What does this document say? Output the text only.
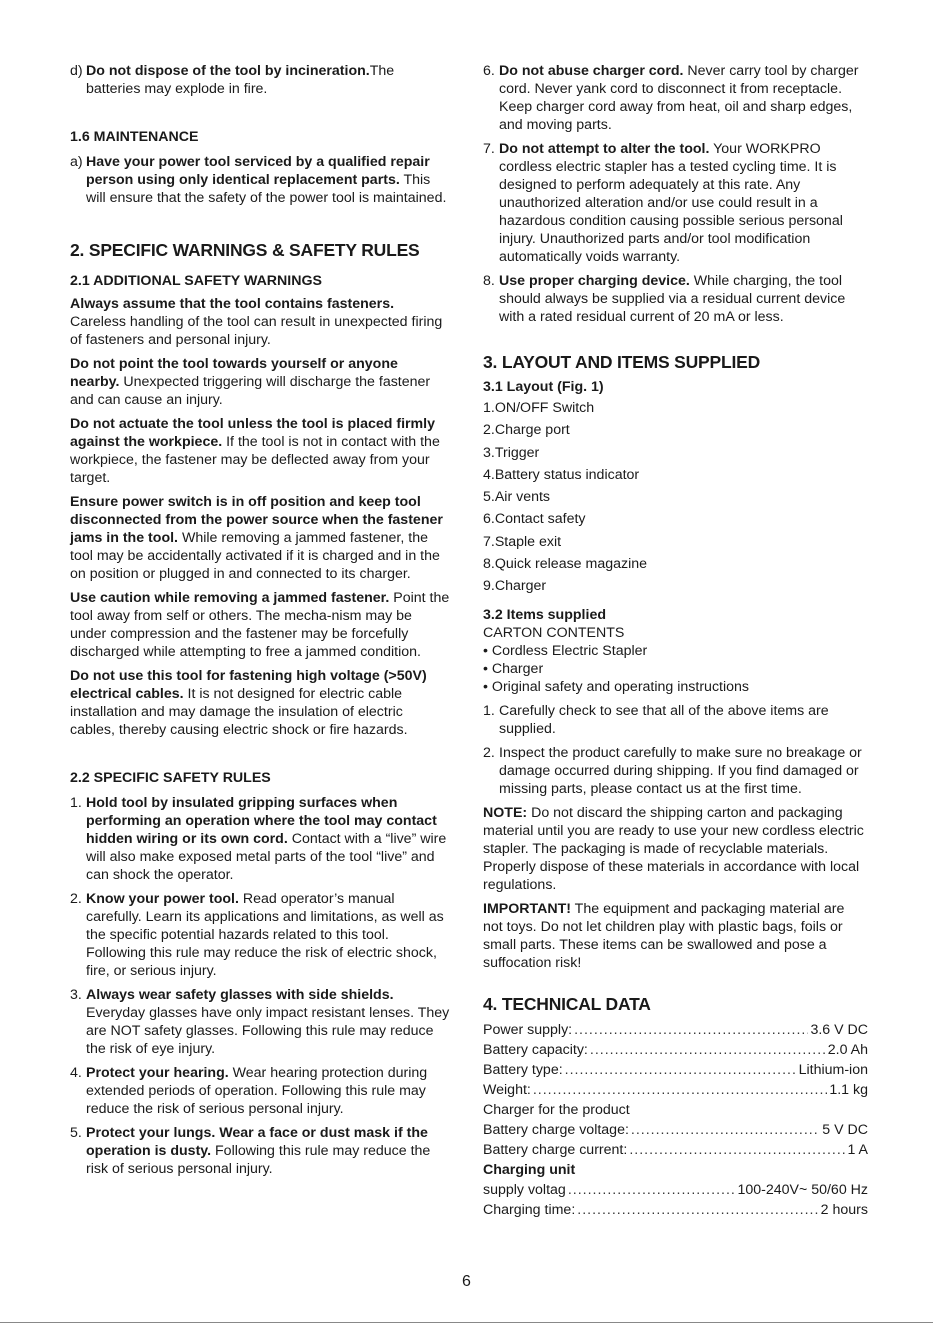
d) Do not dispose of the tool by incineration.The batteries may explode in fire.

1.6 MAINTENANCE
a) Have your power tool serviced by a qualified repair person using only identical replacement parts. This will ensure that the safety of the power tool is maintained.

2. SPECIFIC WARNINGS & SAFETY RULES
2.1 ADDITIONAL SAFETY WARNINGS

Always assume that the tool contains fasteners. Careless handling of the tool can result in unexpected firing of fasteners and personal injury.

Do not point the tool towards yourself or anyone nearby. Unexpected triggering will discharge the fastener and can cause an injury.

Do not actuate the tool unless the tool is placed firmly against the workpiece. If the tool is not in contact with the workpiece, the fastener may be deflected away from your target.

Ensure power switch is in off position and keep tool disconnected from the power source when the fastener jams in the tool. While removing a jammed fastener, the tool may be accidentally activated if it is charged and in the on position or plugged in and connected to its charger.

Use caution while removing a jammed fastener. Point the tool away from self or others. The mecha-nism may be under compression and the fastener may be forcefully discharged while attempting to free a jammed condition.

Do not use this tool for fastening high voltage (>50V) electrical cables. It is not designed for electric cable installation and may damage the insulation of electric cables, thereby causing electric shock or fire hazards.

2.2 SPECIFIC SAFETY RULES
1. Hold tool by insulated gripping surfaces when performing an operation where the tool may contact hidden wiring or its own cord. Contact with a “live” wire will also make exposed metal parts of the tool “live” and can shock the operator.

2. Know your power tool. Read operator’s manual carefully. Learn its applications and limitations, as well as the specific potential hazards related to this tool. Following this rule may reduce the risk of electric shock, fire, or serious injury.

3. Always wear safety glasses with side shields. Everyday glasses have only impact resistant lenses. They are NOT safety glasses. Following this rule may reduce the risk of eye injury.

4. Protect your hearing. Wear hearing protection during extended periods of operation. Following this rule may reduce the risk of serious personal injury.

5. Protect your lungs. Wear a face or dust mask if the operation is dusty. Following this rule may reduce the risk of serious personal injury.

6. Do not abuse charger cord. Never carry tool by charger cord. Never yank cord to disconnect it from receptacle. Keep charger cord away from heat, oil and sharp edges, and moving parts.

7. Do not attempt to alter the tool. Your WORKPRO cordless electric stapler has a tested cycling time. It is designed to perform adequately at this rate. Any unauthorized alteration and/or use could result in a hazardous condition causing possible serious personal injury. Unauthorized parts and/or tool modification automatically voids warranty.

8. Use proper charging device. While charging, the tool should always be supplied via a residual current device with a rated residual current of 20 mA or less.

3. LAYOUT AND ITEMS SUPPLIED
3.1 Layout (Fig. 1)
1.ON/OFF Switch
2.Charge port
3.Trigger
4.Battery status indicator
5.Air vents
6.Contact safety
7.Staple exit
8.Quick release magazine
9.Charger
3.2 Items supplied
CARTON CONTENTS
• Cordless Electric Stapler
• Charger
• Original safety and operating instructions
1. Carefully check to see that all of the above items are supplied.

2. Inspect the product carefully to make sure no breakage or damage occurred during shipping. If you find damaged or missing parts, please contact us at the first time.

NOTE: Do not discard the shipping carton and packaging material until you are ready to use your new cordless electric stapler. The packaging is made of recyclable materials. Properly dispose of these materials in accordance with local regulations.

IMPORTANT! The equipment and packaging material are not toys. Do not let children play with plastic bags, foils or small parts. These items can be swallowed and pose a suffocation risk!

4. TECHNICAL DATA
Power supply: .....	3.6 V DC
Battery capacity: .....	2.0 Ah
Battery type: .....	Lithium-ion
Weight: .....	1.1 kg
Charger for the product
Battery charge voltage: .....	5 V DC
Battery charge current: .....	1 A
Charging unit
supply voltag .....	100-240V~ 50/60 Hz
Charging time: .....	2 hours
6
